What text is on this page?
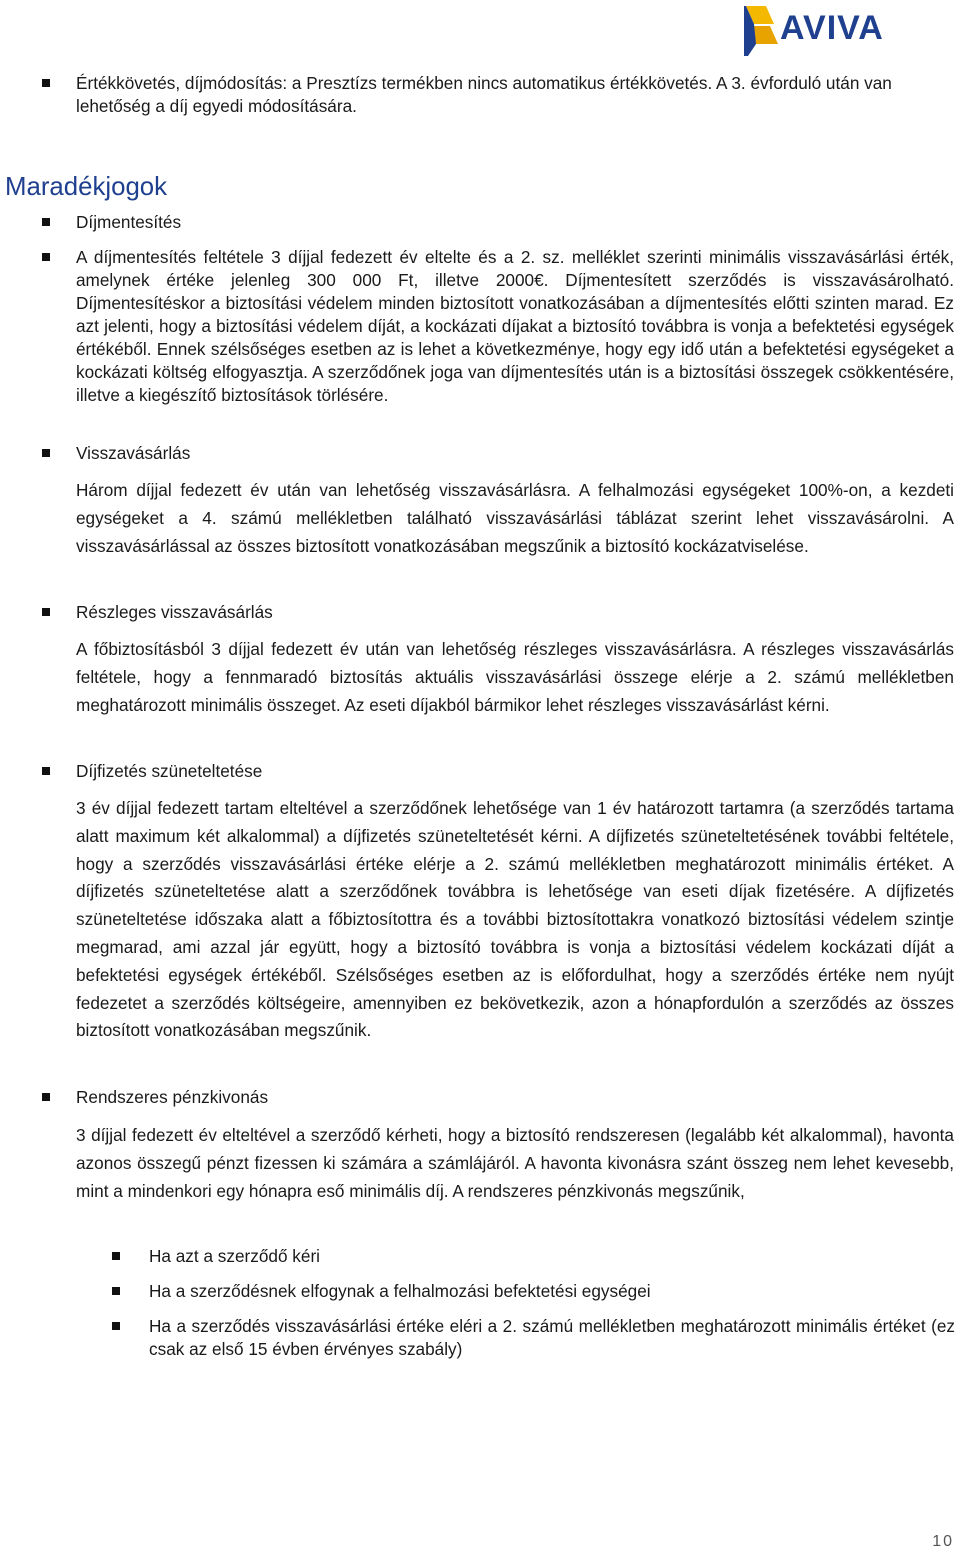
AVIVA

Értékkövetés, díjmódosítás: a Presztízs termékben nincs automatikus értékkövetés. A 3. évforduló után van lehetőség a díj egyedi módosítására.

Maradékjogok

Díjmentesítés

A díjmentesítés feltétele 3 díjjal fedezett év eltelte és a 2. sz. melléklet szerinti minimális visszavásárlási érték, amelynek értéke jelenleg 300 000 Ft, illetve 2000€. Díjmentesített szerződés is visszavásárolható. Díjmentesítéskor a biztosítási védelem minden biztosított vonatkozásában a díjmentesítés előtti szinten marad. Ez azt jelenti, hogy a biztosítási védelem díját, a kockázati díjakat a biztosító továbbra is vonja a befektetési egységek értékéből. Ennek szélsőséges esetben az is lehet a következménye, hogy egy idő után a befektetési egységeket a kockázati költség elfogyasztja. A szerződőnek joga van díjmentesítés után is a biztosítási összegek csökkentésére, illetve a kiegészítő biztosítások törlésére.

Visszavásárlás

Három díjjal fedezett év után van lehetőség visszavásárlásra. A felhalmozási egységeket 100%-on, a kezdeti egységeket a 4. számú mellékletben található visszavásárlási táblázat szerint lehet visszavásárolni. A visszavásárlással az összes biztosított vonatkozásában megszűnik a biztosító kockázatviselése.

Részleges visszavásárlás

A főbiztosításból 3 díjjal fedezett év után van lehetőség részleges visszavásárlásra. A részleges visszavásárlás feltétele, hogy a fennmaradó biztosítás aktuális visszavásárlási összege elérje a 2. számú mellékletben meghatározott minimális összeget. Az eseti díjakból bármikor lehet részleges visszavásárlást kérni.

Díjfizetés szüneteltetése

3 év díjjal fedezett tartam elteltével a szerződőnek lehetősége van 1 év határozott tartamra (a szerződés tartama alatt maximum két alkalommal) a díjfizetés szüneteltetését kérni. A díjfizetés szüneteltetésének további feltétele, hogy a szerződés visszavásárlási értéke elérje a 2. számú mellékletben meghatározott minimális értéket. A díjfizetés szüneteltetése alatt a szerződőnek továbbra is lehetősége van eseti díjak fizetésére. A díjfizetés szüneteltetése időszaka alatt a főbiztosítottra és a további biztosítottakra vonatkozó biztosítási védelem szintje megmarad, ami azzal jár együtt, hogy a biztosító továbbra is vonja a biztosítási védelem kockázati díját a befektetési egységek értékéből. Szélsőséges esetben az is előfordulhat, hogy a szerződés értéke nem nyújt fedezetet a szerződés költségeire, amennyiben ez bekövetkezik, azon a hónapfordulón a szerződés az összes biztosított vonatkozásában megszűnik.

Rendszeres pénzkivonás

3 díjjal fedezett év elteltével a szerződő kérheti, hogy a biztosító rendszeresen (legalább két alkalommal), havonta azonos összegű pénzt fizessen ki számára a számlájáról. A havonta kivonásra szánt összeg nem lehet kevesebb, mint a mindenkori egy hónapra eső minimális díj. A rendszeres pénzkivonás megszűnik,

Ha azt a szerződő kéri

Ha a szerződésnek elfogynak a felhalmozási befektetési egységei

Ha a szerződés visszavásárlási értéke eléri a 2. számú mellékletben meghatározott minimális értéket (ez csak az első 15 évben érvényes szabály)

10
